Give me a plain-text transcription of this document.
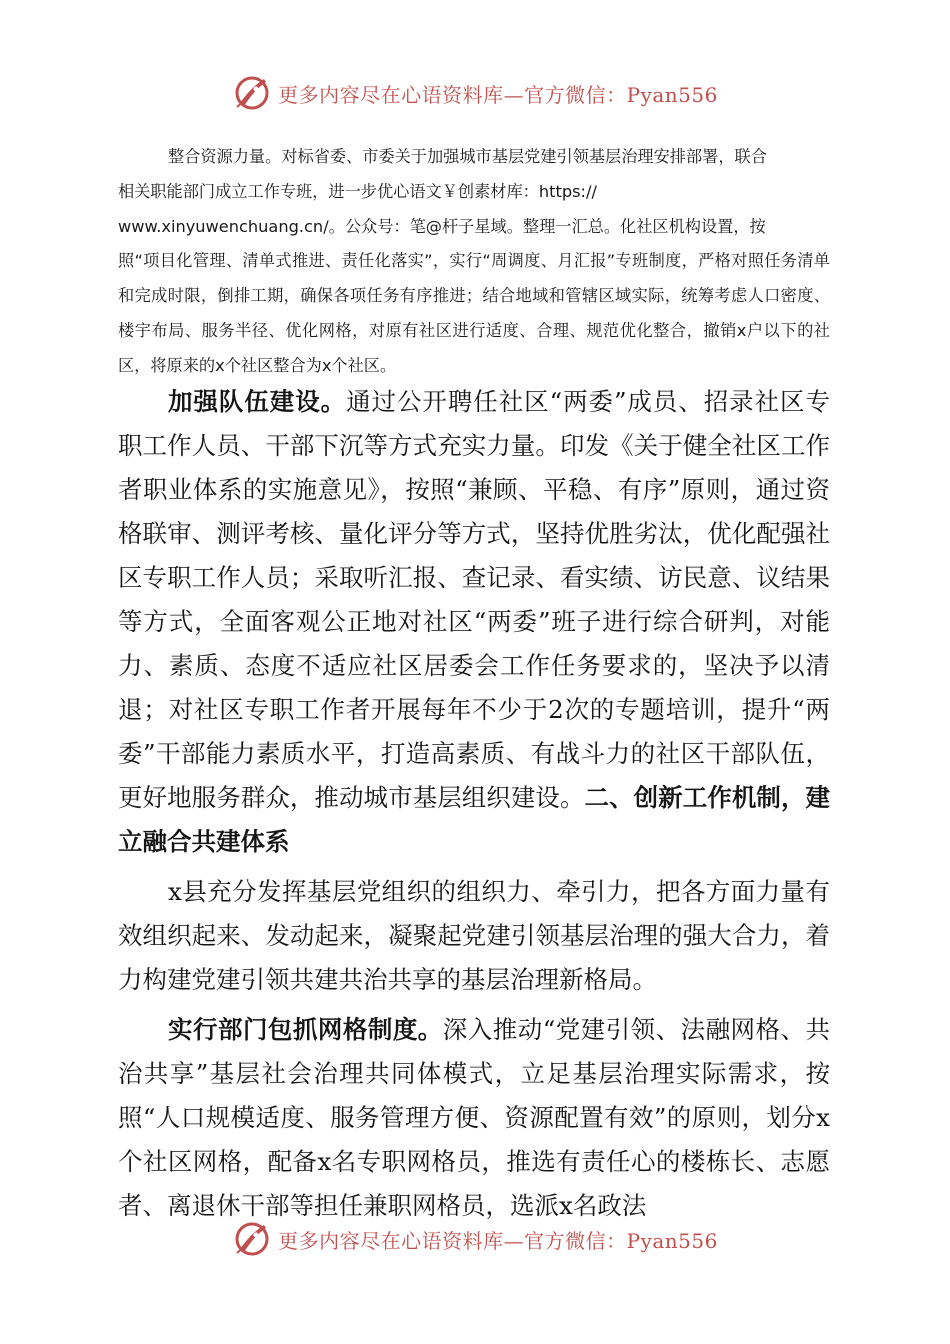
更多内容尽在心语资料库—官方微信：Pyan556

整合资源力量。对标省委、市委关于加强城市基层党建引领基层治理安排部署，联合

相关职能部门成立工作专班，进一步优心语文￥创素材库：https://

www.xinyuwenchuang.cn/。公众号：笔@杆子星域。整理一汇总。化社区机构设置，按

照“项目化管理、清单式推进、责任化落实”，实行“周调度、月汇报”专班制度，严格对照任务清单和完成时限，倒排工期，确保各项任务有序推进；结合地域和管辖区域实际，统筹考虑人口密度、楼宇布局、服务半径、优化网格，对原有社区进行适度、合理、规范优化整合，撤销x户以下的社区，将原来的x个社区整合为x个社区。

加强队伍建设。通过公开聘任社区“两委”成员、招录社区专职工作人员、干部下沉等方式充实力量。印发《关于健全社区工作者职业体系的实施意见》，按照“兼顾、平稳、有序”原则，通过资格联审、测评考核、量化评分等方式，坚持优胜劣汰，优化配强社区专职工作人员；采取听汇报、查记录、看实绩、访民意、议结果等方式，全面客观公正地对社区“两委”班子进行综合研判，对能力、素质、态度不适应社区居委会工作任务要求的，坚决予以清退；对社区专职工作者开展每年不少于2次的专题培训，提升“两委”干部能力素质水平，打造高素质、有战斗力的社区干部队伍，更好地服务群众，推动城市基层组织建设。二、创新工作机制，建立融合共建体系

x县充分发挥基层党组织的组织力、牵引力，把各方面力量有效组织起来、发动起来，凝聚起党建引领基层治理的强大合力，着力构建党建引领共建共治共享的基层治理新格局。

实行部门包抓网格制度。深入推动“党建引领、法融网格、共治共享”基层社会治理共同体模式，立足基层治理实际需求，按照“人口规模适度、服务管理方便、资源配置有效”的原则，划分x个社区网格，配备x名专职网格员，推选有责任心的楼栋长、志愿者、离退休干部等担任兼职网格员，选派x名政法

更多内容尽在心语资料库—官方微信：Pyan556
